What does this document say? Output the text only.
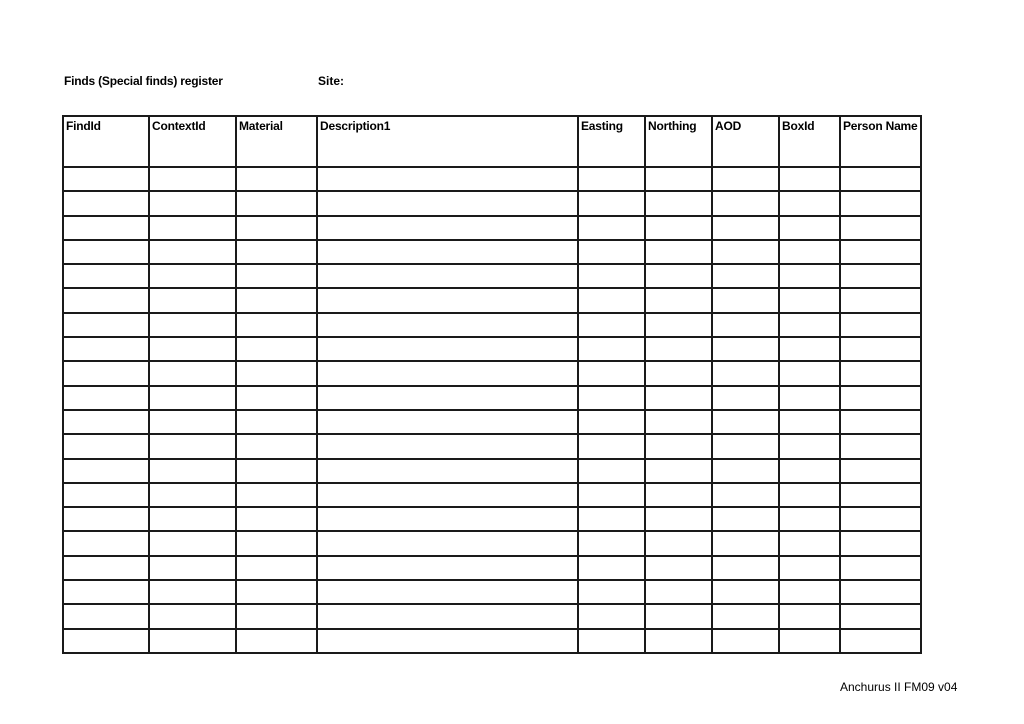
Finds (Special finds) register	Site:
FindId	ContextId	Material	Description1	Easting	Northing	AOD	BoxId	Person Name

Anchurus II FM09 v04
